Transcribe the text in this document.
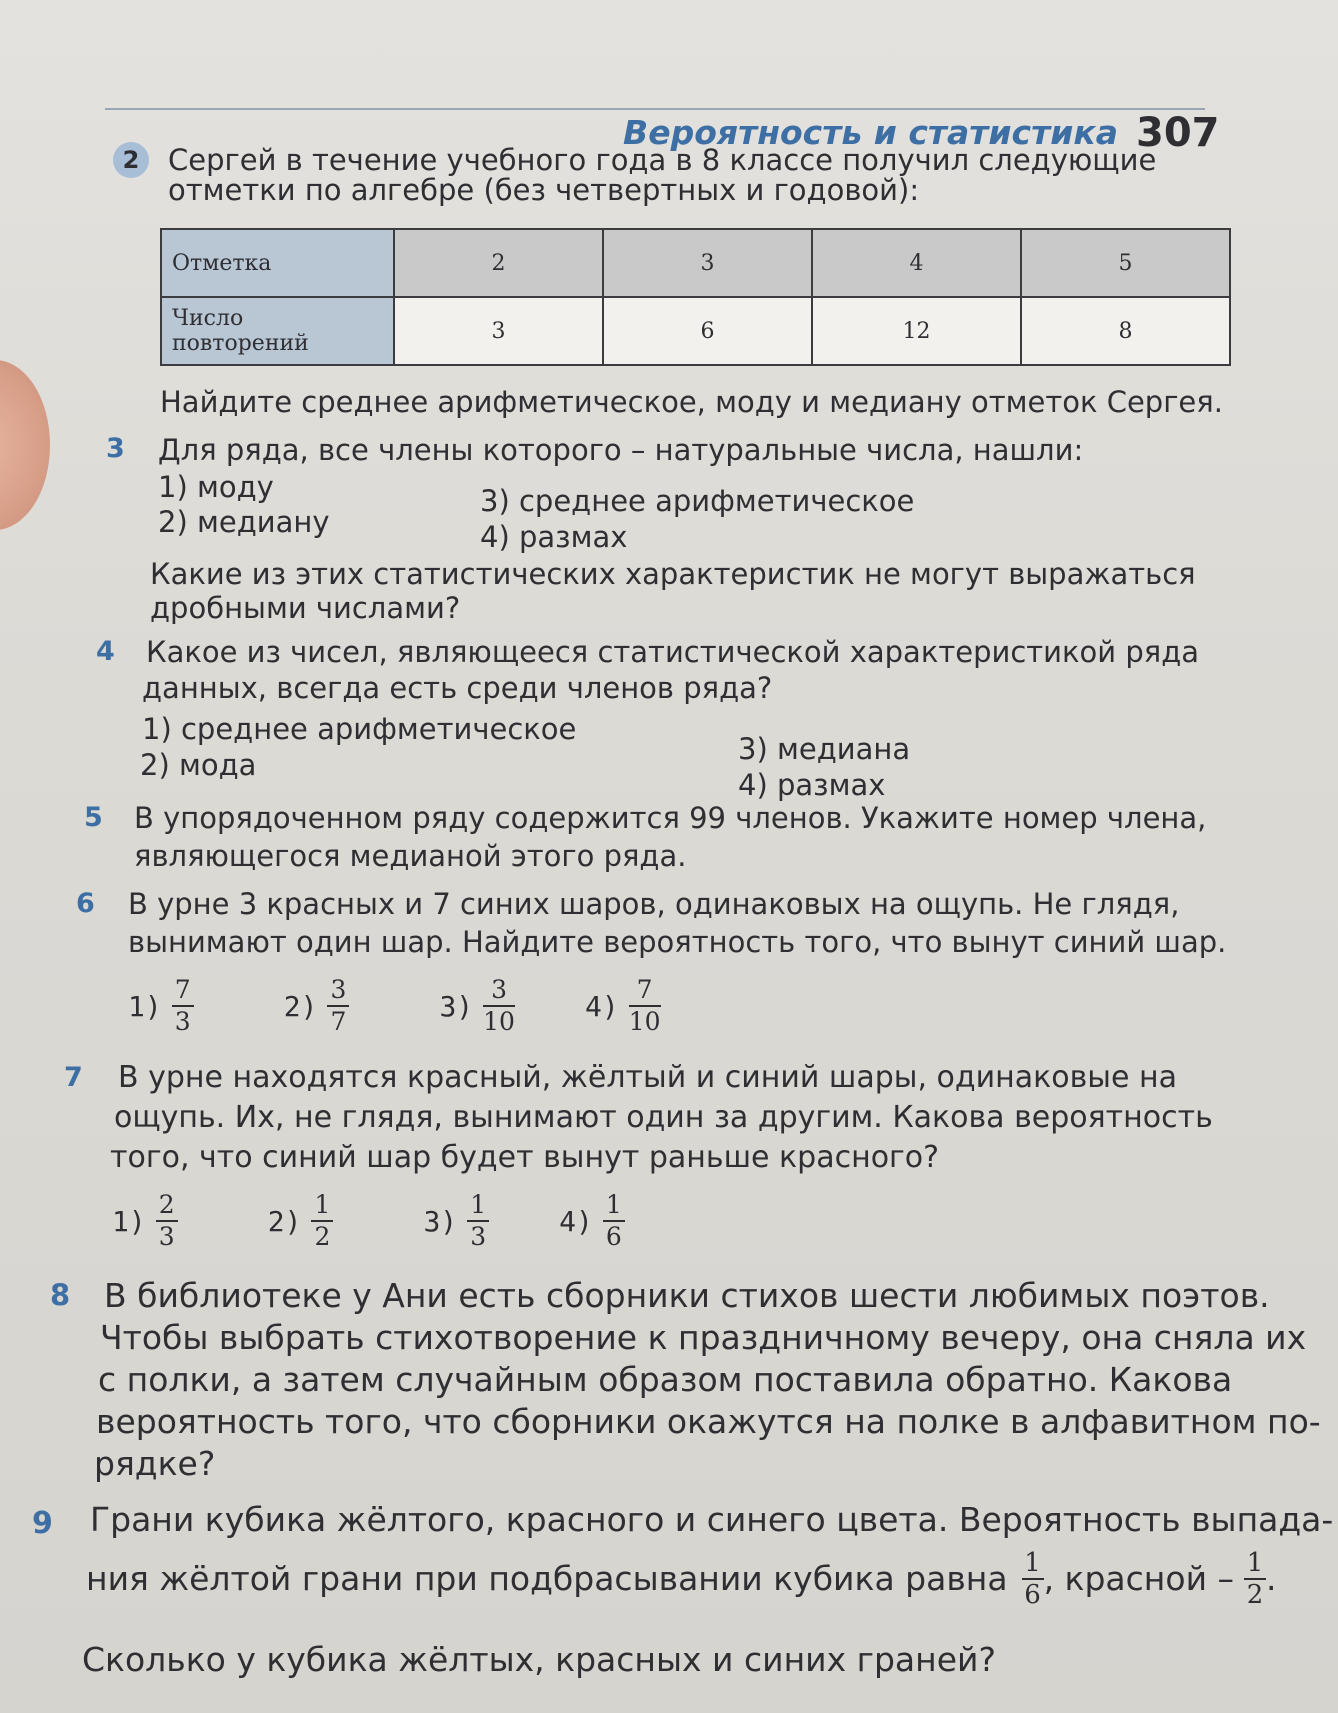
Вероятность и статистика 307
2 Сергей в течение учебного года в 8 классе получил следующие
отметки по алгебре (без четвертных и годовой):
Отметка	2	3	4	5

Число
повторений	3	6	12	8
Найдите среднее арифметическое, моду и медиану отметок Сергея.
3 Для ряда, все члены которого – натуральные числа, нашли:
1) моду
2) медиану
3) среднее арифметическое
4) размах
Какие из этих статистических характеристик не могут выражаться
дробными числами?
4 Какое из чисел, являющееся статистической характеристикой ряда
данных, всегда есть среди членов ряда?
1) среднее арифметическое
2) мода	3) медиана
4) размах
5 В упорядоченном ряду содержится 99 членов. Укажите номер члена,
являющегося медианой этого ряда.
6 В урне 3 красных и 7 синих шаров, одинаковых на ощупь. Не глядя,
вынимают один шар. Найдите вероятность того, что вынут синий шар.
$1) \frac{7}{3}$	$2) \frac{3}{7}$	$3) \frac{3}{10}$	$4) \frac{7}{10}$
7 В урне находятся красный, жёлтый и синий шары, одинаковые на
ощупь. Их, не глядя, вынимают один за другим. Какова вероятность
того, что синий шар будет вынут раньше красного?
$1) \frac{2}{3}$	$2) \frac{1}{2}$	$3) \frac{1}{3}$	$4) \frac{1}{6}$
8 В библиотеке у Ани есть сборники стихов шести любимых поэтов.
Чтобы выбрать стихотворение к праздничному вечеру, она сняла их
с полки, а затем случайным образом поставила обратно. Какова
вероятность того, что сборники окажутся на полке в алфавитном по-
рядке?
9 Грани кубика жёлтого, красного и синего цвета. Вероятность выпада-
ния жёлтой грани при подбрасывании кубика равна $\frac{1}{6}$ , красной – $\frac{1}{2}$ .
Сколько у кубика жёлтых, красных и синих граней?
